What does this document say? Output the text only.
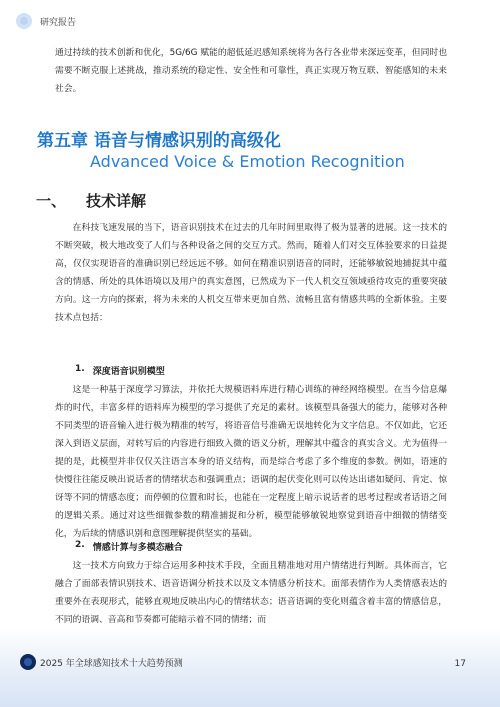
研究报告
通过持续的技术创新和优化，5G/6G 赋能的超低延迟感知系统将为各行各业带来深远变革，但同时也需要不断克服上述挑战，推动系统的稳定性、安全性和可靠性，真正实现万物互联、智能感知的未来社会。
第五章 语音与情感识别的高级化
Advanced Voice & Emotion Recognition
一、 技术详解
在科技飞速发展的当下，语音识别技术在过去的几年时间里取得了极为显著的进展。这一技术的不断突破，极大地改变了人们与各种设备之间的交互方式。然而，随着人们对交互体验要求的日益提高，仅仅实现语音的准确识别已经远远不够。如何在精准识别语音的同时，还能够敏锐地捕捉其中蕴含的情感、所处的具体语境以及用户的真实意图，已然成为下一代人机交互领域亟待攻克的重要突破方向。这一方向的探索，将为未来的人机交互带来更加自然、流畅且富有情感共鸣的全新体验。主要技术点包括：
1. 深度语音识别模型
这是一种基于深度学习算法，并依托大规模语料库进行精心训练的神经网络模型。在当今信息爆炸的时代，丰富多样的语料库为模型的学习提供了充足的素材。该模型具备强大的能力，能够对各种不同类型的语音输入进行极为精准的转写，将语音信号准确无误地转化为文字信息。不仅如此，它还深入到语义层面，对转写后的内容进行细致入微的语义分析，理解其中蕴含的真实含义。尤为值得一提的是，此模型并非仅仅关注语言本身的语义结构，而是综合考虑了多个维度的参数。例如，语速的快慢往往能反映出说话者的情绪状态和强调重点；语调的起伏变化则可以传达出诸如疑问、肯定、惊讶等不同的情感态度；而停顿的位置和时长，也能在一定程度上暗示说话者的思考过程或者话语之间的逻辑关系。通过对这些细微参数的精准捕捉和分析，模型能够敏锐地察觉到语音中细微的情绪变化，为后续的情感识别和意图理解提供坚实的基础。
2. 情感计算与多模态融合
这一技术方向致力于综合运用多种技术手段，全面且精准地对用户情绪进行判断。具体而言，它融合了面部表情识别技术、语音语调分析技术以及文本情感分析技术。面部表情作为人类情感表达的重要外在表现形式，能够直观地反映出内心的情绪状态；语音语调的变化则蕴含着丰富的情感信息，不同的语调、音高和节奏都可能暗示着不同的情绪；而
2025 年全球感知技术十大趋势预测	17
